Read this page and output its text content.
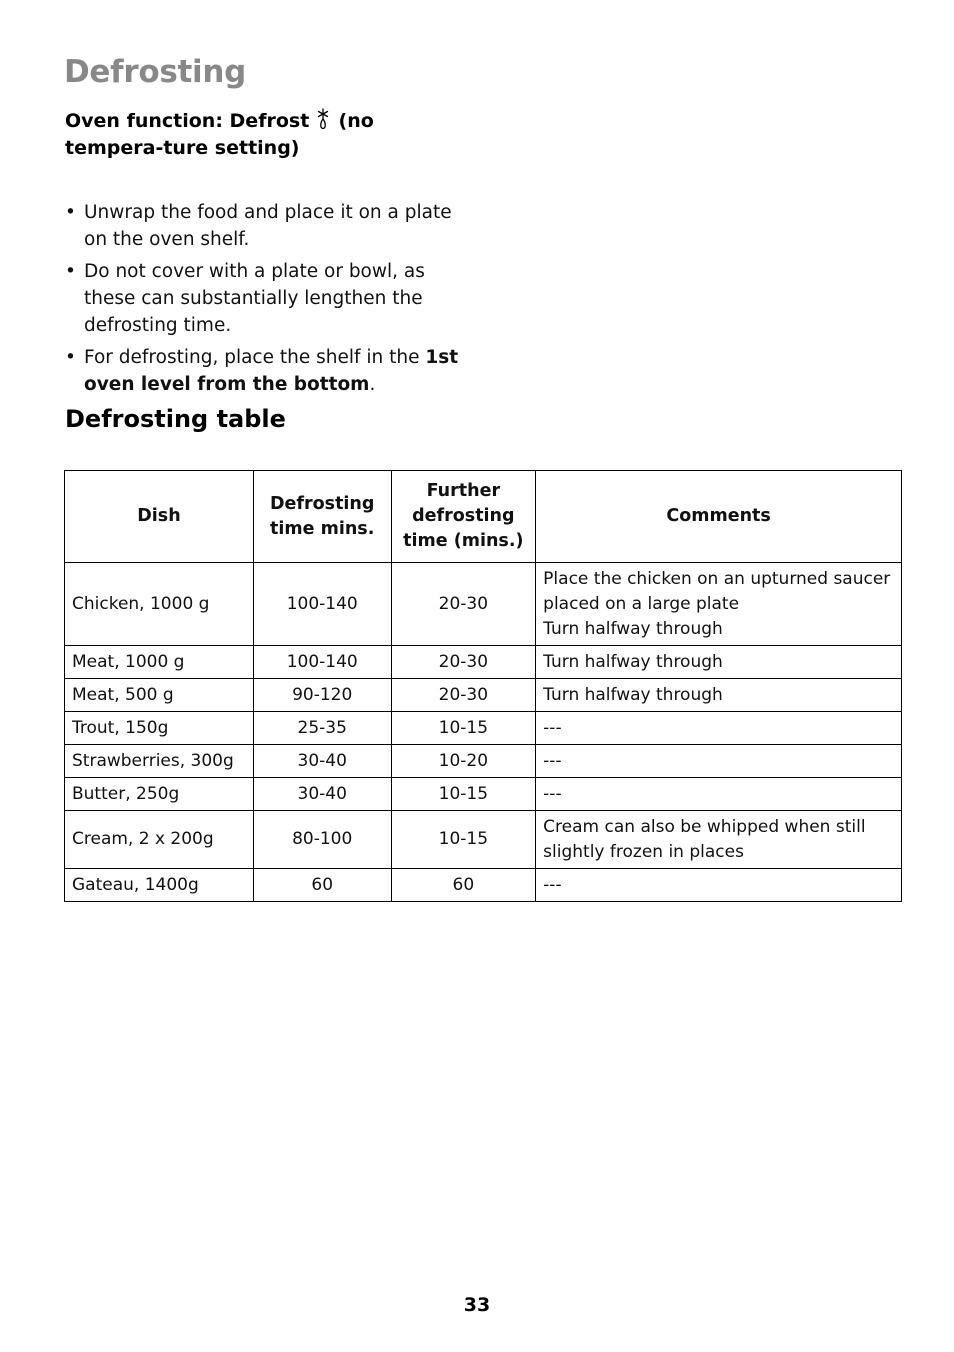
Defrosting

Oven function: Defrost (no tempera-ture setting)

• Unwrap the food and place it on a plate on the oven shelf.
• Do not cover with a plate or bowl, as these can substantially lengthen the defrosting time.
• For defrosting, place the shelf in the 1st oven level from the bottom.
Defrosting table
Dish	Defrosting time mins.	Further defrosting time (mins.)	Comments
Chicken, 1000 g	100-140	20-30	Place the chicken on an upturned saucer placed on a large plate
Turn halfway through

Meat, 1000 g	100-140	20-30	Turn halfway through
Meat, 500 g	90-120	20-30	Turn halfway through
Trout, 150g	25-35	10-15	---
Strawberries, 300g	30-40	10-20	---
Butter, 250g	30-40	10-15	---
Cream, 2 x 200g	80-100	10-15	Cream can also be whipped when still slightly frozen in places
Gateau, 1400g	60	60	---
33
